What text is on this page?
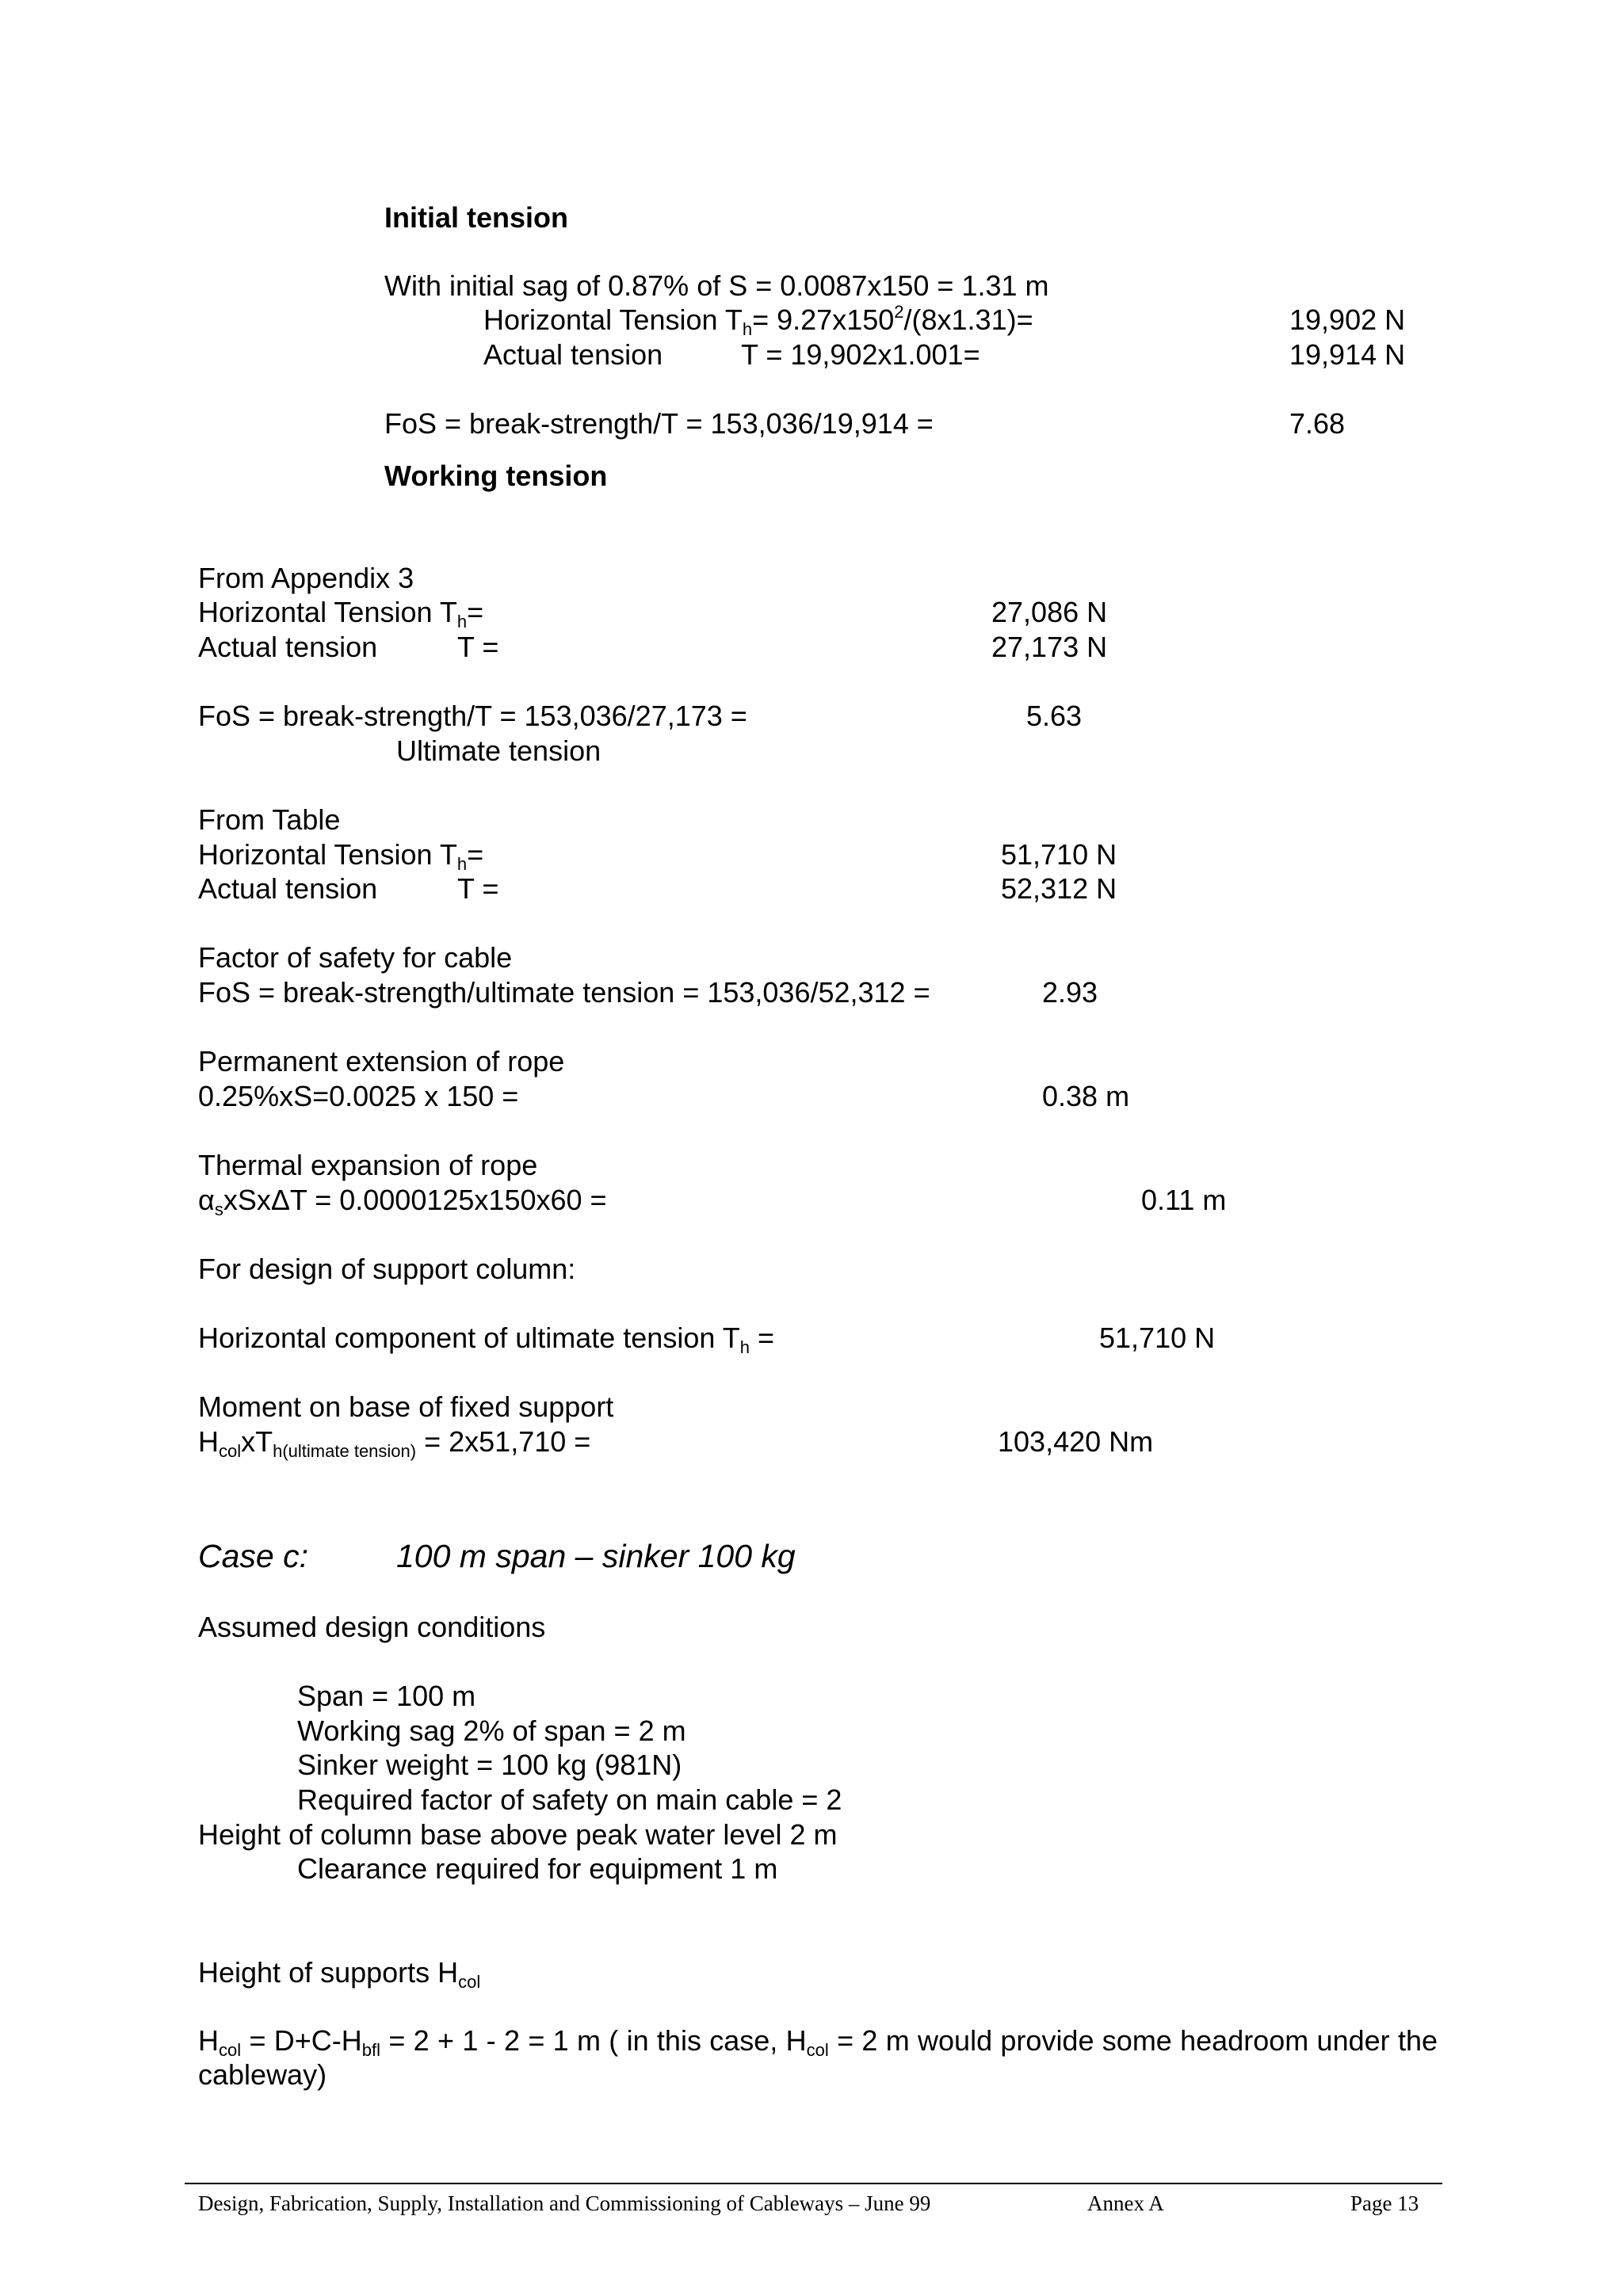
Initial tension
With initial sag of 0.87% of S = 0.0087x150 = 1.31 m
Horizontal Tension $T_h= 9.27x150^2/(8x1.31)=$	19,902 N
Actual tension	T = 19,902x1.001=	19,914 N
FoS = break-strength/T = 153,036/19,914 =	7.68
Working tension
From Appendix 3
Horizontal Tension $T_h=$	27,086 N
Actual tension	T =	27,173 N
FoS = break-strength/T = 153,036/27,173 =	5.63
Ultimate tension
From Table
Horizontal Tension $T_h=$	51,710 N
Actual tension	T =	52,312 N
Factor of safety for cable
FoS = break-strength/ultimate tension = 153,036/52,312 =	2.93
Permanent extension of rope
0.25%xS=0.0025 x 150 =	0.38 m
Thermal expansion of rope
$\alpha_sxSx\Delta T = 0.0000125x150x60$ =	0.11 m
For design of support column:
Horizontal component of ultimate tension $T_h$ =	51,710 N
Moment on base of fixed support
$H_{col}xT_{h(ultimate tension)} = 2x51,710$ =	103,420 Nm
Case c:	100 m span – sinker 100 kg
Assumed design conditions
Span = 100 m
Working sag 2% of span = 2 m
Sinker weight = 100 kg (981N)
Required factor of safety on main cable = 2
Height of column base above peak water level 2 m
Clearance required for equipment 1 m
Height of supports $H_{col}$
$H_{col} = D+C-H_{bfl} = 2 + 1 - 2 = 1$ m ( in this case, $H_{col} = 2$ m would provide some headroom under the cableway)
Design, Fabrication, Supply, Installation and Commissioning of Cableways – June 99	Annex A	Page 13
